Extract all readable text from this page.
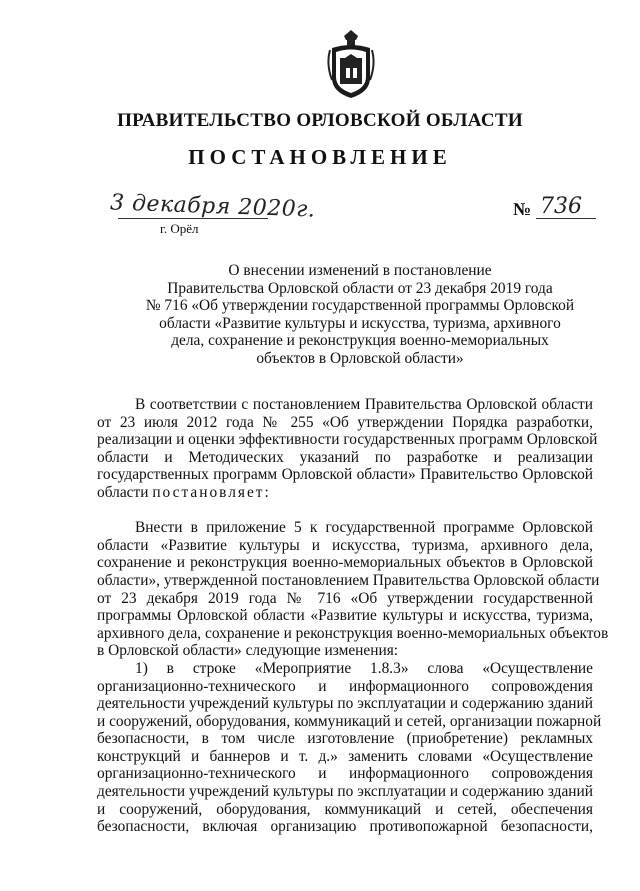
ПРАВИТЕЛЬСТВО ОРЛОВСКОЙ ОБЛАСТИ
ПОСТАНОВЛЕНИЕ
3 декабря 2020г.
г. Орёл
№ 736
О внесении изменений в постановление
Правительства Орловской области от 23 декабря 2019 года
№ 716 «Об утверждении государственной программы Орловской
области «Развитие культуры и искусства, туризма, архивного
дела, сохранение и реконструкция военно-мемориальных
объектов в Орловской области»
В соответствии с постановлением Правительства Орловской области
от 23 июля 2012 года № 255 «Об утверждении Порядка разработки,
реализации и оценки эффективности государственных программ Орловской
области и Методических указаний по разработке и реализации
государственных программ Орловской области» Правительство Орловской
области постановляет:
Внести в приложение 5 к государственной программе Орловской
области «Развитие культуры и искусства, туризма, архивного дела,
сохранение и реконструкция военно-мемориальных объектов в Орловской
области», утвержденной постановлением Правительства Орловской области
от 23 декабря 2019 года № 716 «Об утверждении государственной
программы Орловской области «Развитие культуры и искусства, туризма,
архивного дела, сохранение и реконструкция военно-мемориальных объектов
в Орловской области» следующие изменения:
1) в строке «Мероприятие 1.8.3» слова «Осуществление
организационно-технического и информационного сопровождения
деятельности учреждений культуры по эксплуатации и содержанию зданий
и сооружений, оборудования, коммуникаций и сетей, организации пожарной
безопасности, в том числе изготовление (приобретение) рекламных
конструкций и баннеров и т. д.» заменить словами «Осуществление
организационно-технического и информационного сопровождения
деятельности учреждений культуры по эксплуатации и содержанию зданий
и сооружений, оборудования, коммуникаций и сетей, обеспечения
безопасности, включая организацию противопожарной безопасности,
